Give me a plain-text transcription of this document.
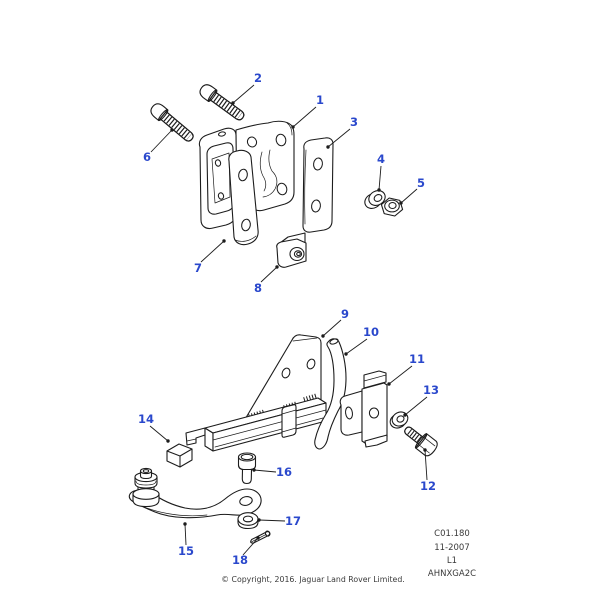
1
2
3
4
5
6
7
8
9
10
11
12
13
14
15
16
17
18
C01.180
11-2007
L1
AHNXGA2C
© Copyright, 2016. Jaguar Land Rover Limited.
